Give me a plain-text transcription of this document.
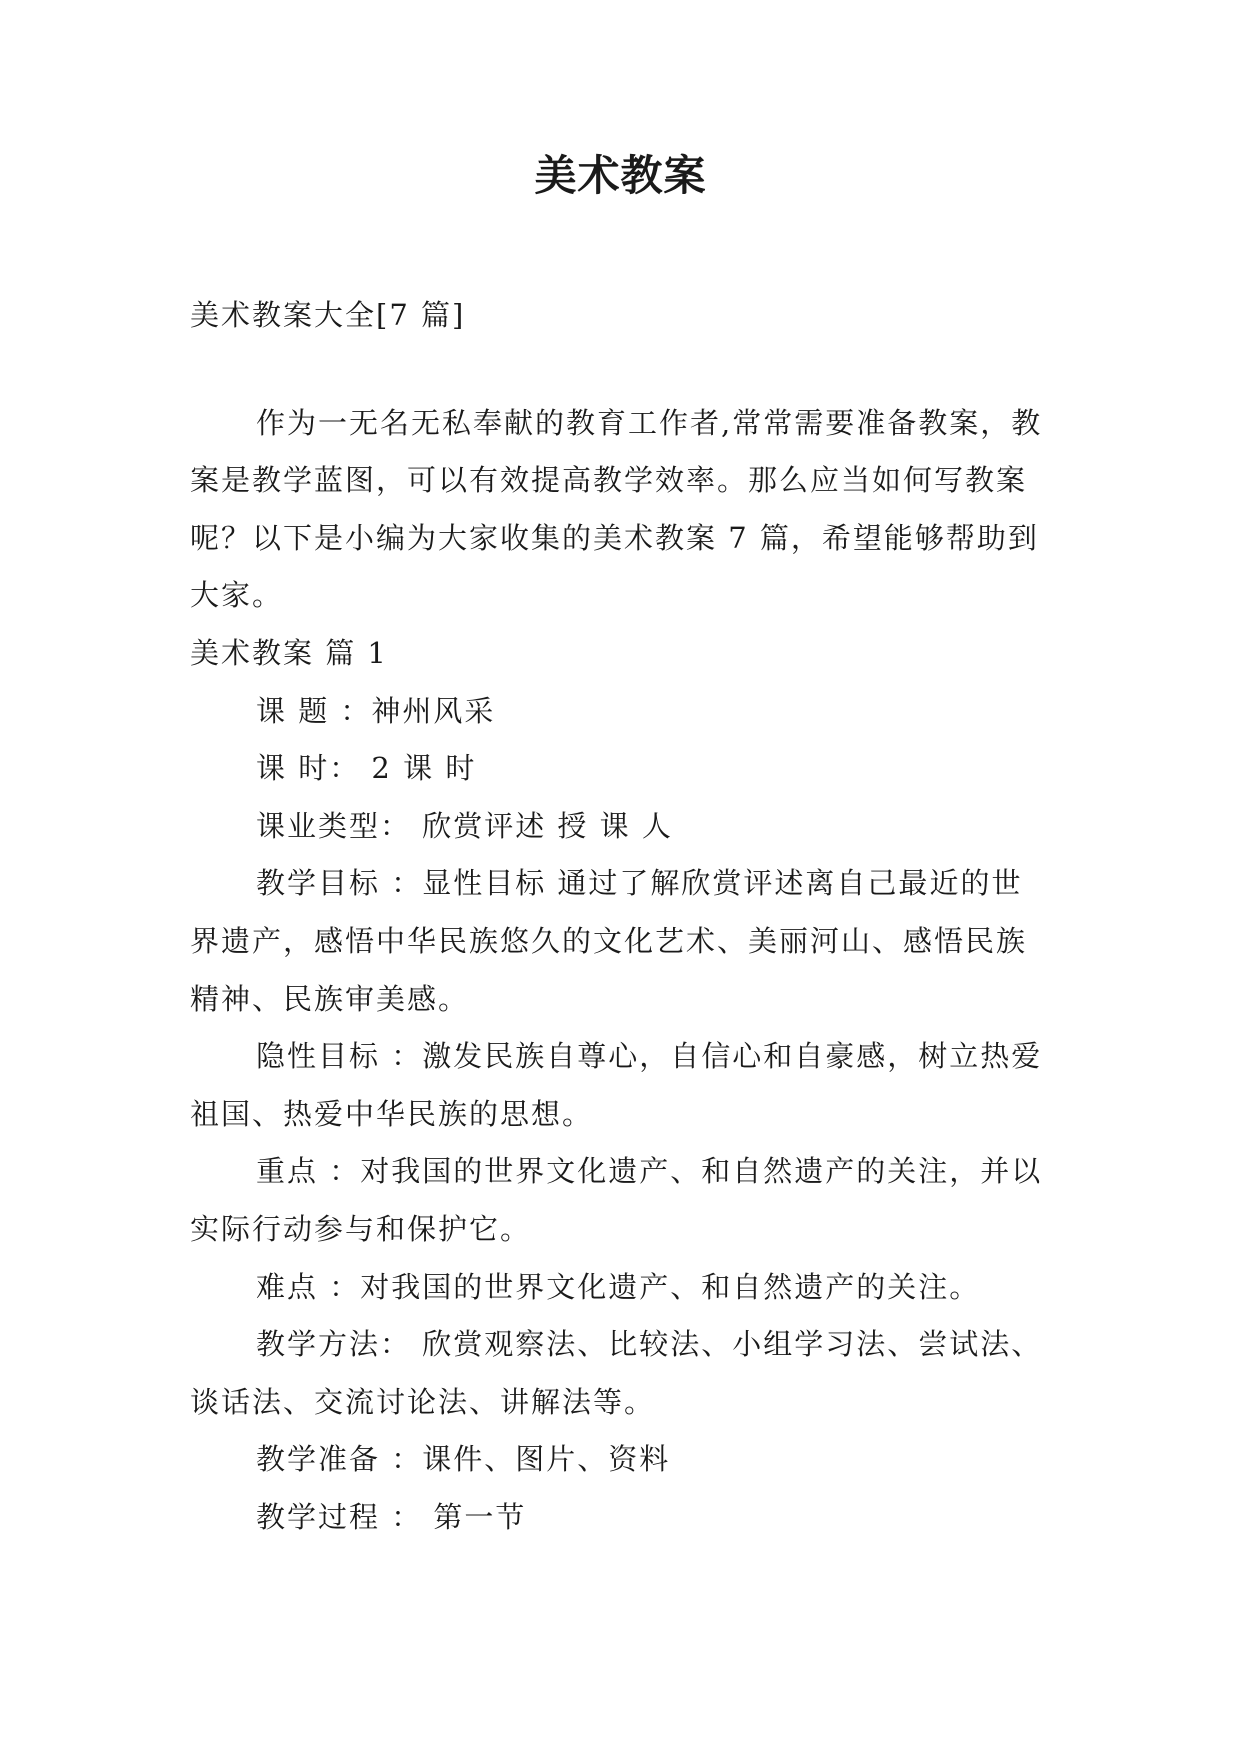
美术教案

美术教案大全[7 篇]

作为一无名无私奉献的教育工作者,常常需要准备教案，教案是教学蓝图，可以有效提高教学效率。那么应当如何写教案呢？以下是小编为大家收集的美术教案 7 篇，希望能够帮助到大家。

美术教案 篇 1

课 题 ：神州风采

课 时： 2 课 时

课业类型： 欣赏评述 授 课 人

教学目标 ：显性目标 通过了解欣赏评述离自己最近的世界遗产，感悟中华民族悠久的文化艺术、美丽河山、感悟民族精神、民族审美感。

隐性目标 ：激发民族自尊心，自信心和自豪感，树立热爱祖国、热爱中华民族的思想。

重点 ：对我国的世界文化遗产、和自然遗产的关注，并以实际行动参与和保护它。

难点 ：对我国的世界文化遗产、和自然遗产的关注。

教学方法： 欣赏观察法、比较法、小组学习法、尝试法、谈话法、交流讨论法、讲解法等。

教学准备 ：课件、图片、资料

教学过程 ： 第一节
